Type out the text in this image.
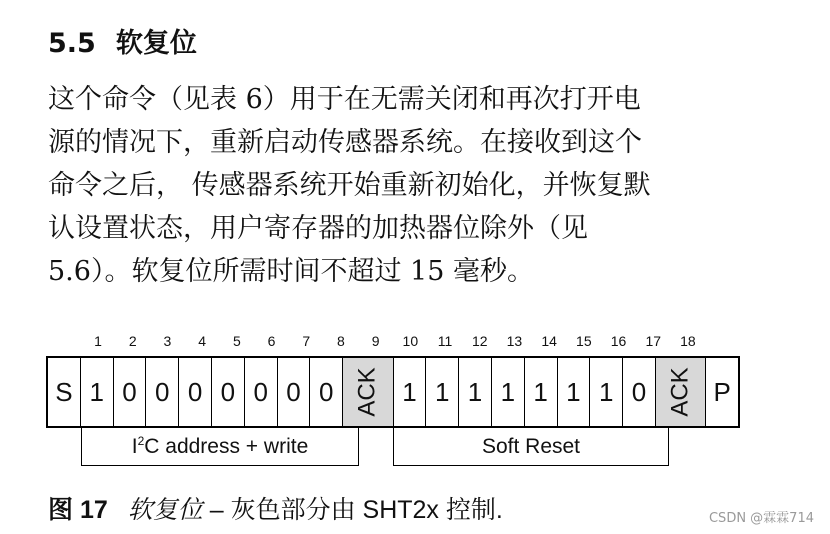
5.5 软复位
这个命令（见表 6）用于在无需关闭和再次打开电
源的情况下，重新启动传感器系统。在接收到这个
命令之后， 传感器系统开始重新初始化，并恢复默
认设置状态，用户寄存器的加热器位除外（见
5.6）。软复位所需时间不超过 15 毫秒。
1	2	3	4	5	6	7	8	9	10	11	12	13	14	15	16	17	18
S 1 0 0 0 0 0 0 0 ACK 1 1 1 1 1 1 1 0 ACK P
$I^2C$ address + write	Soft Reset
图 17 软复位 – 灰色部分由 SHT2x 控制.	CSDN @霖霖714
